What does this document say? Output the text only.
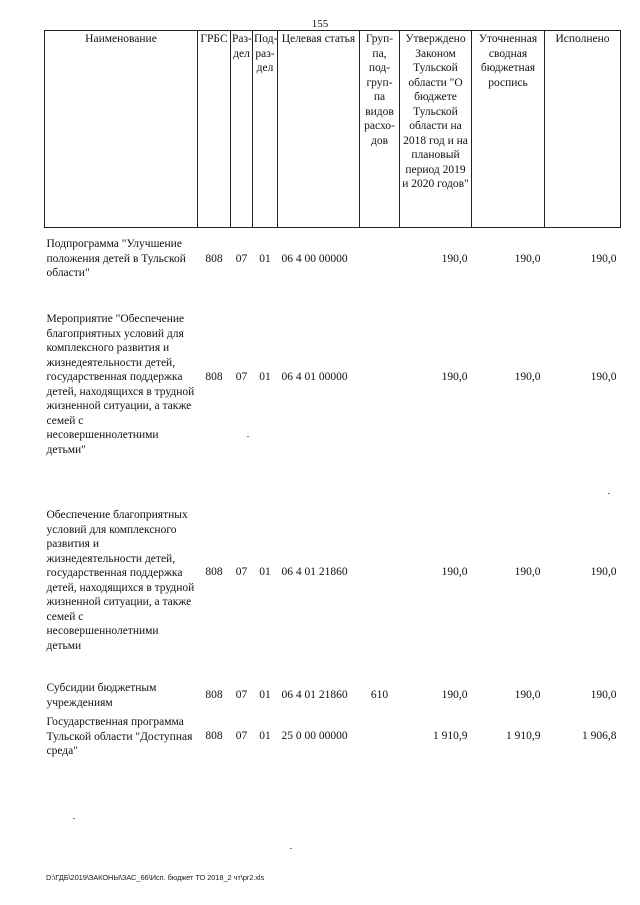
155
Наименование	ГРБС	Раз-дел	Под-раз-дел	Целевая статья	Груп-па, под-груп-па видов расхо-дов	Утверждено Законом Тульской области "О бюджете Тульской области на 2018 год и на плановый период 2019 и 2020 годов"	Уточненная сводная бюджетная роспись	Исполнено
Подпрограмма "Улучшение положения детей в Тульской области"	808	07	01	06 4 00 00000		190,0	190,0	190,0
Мероприятие "Обеспечение благоприятных условий для комплексного развития и жизнедеятельности детей, государственная поддержка детей, находящихся в трудной жизненной ситуации, а также семей с несовершеннолетними детьми"	808	07	01	06 4 01 00000		190,0	190,0	190,0
Обеспечение благоприятных условий для комплексного развития и жизнедеятельности детей, государственная поддержка детей, находящихся в трудной жизненной ситуации, а также семей с несовершеннолетними детьми	808	07	01	06 4 01 21860		190,0	190,0	190,0
Субсидии бюджетным учреждениям	808	07	01	06 4 01 21860	610	190,0	190,0	190,0
Государственная программа Тульской области "Доступная среда"	808	07	01	25 0 00 00000		1 910,9	1 910,9	1 906,8
D:\ГДБ\2019\ЗАКОНЫ\ЗАС_66\Исп. бюджет ТО 2018_2 чт\pr2.xls
